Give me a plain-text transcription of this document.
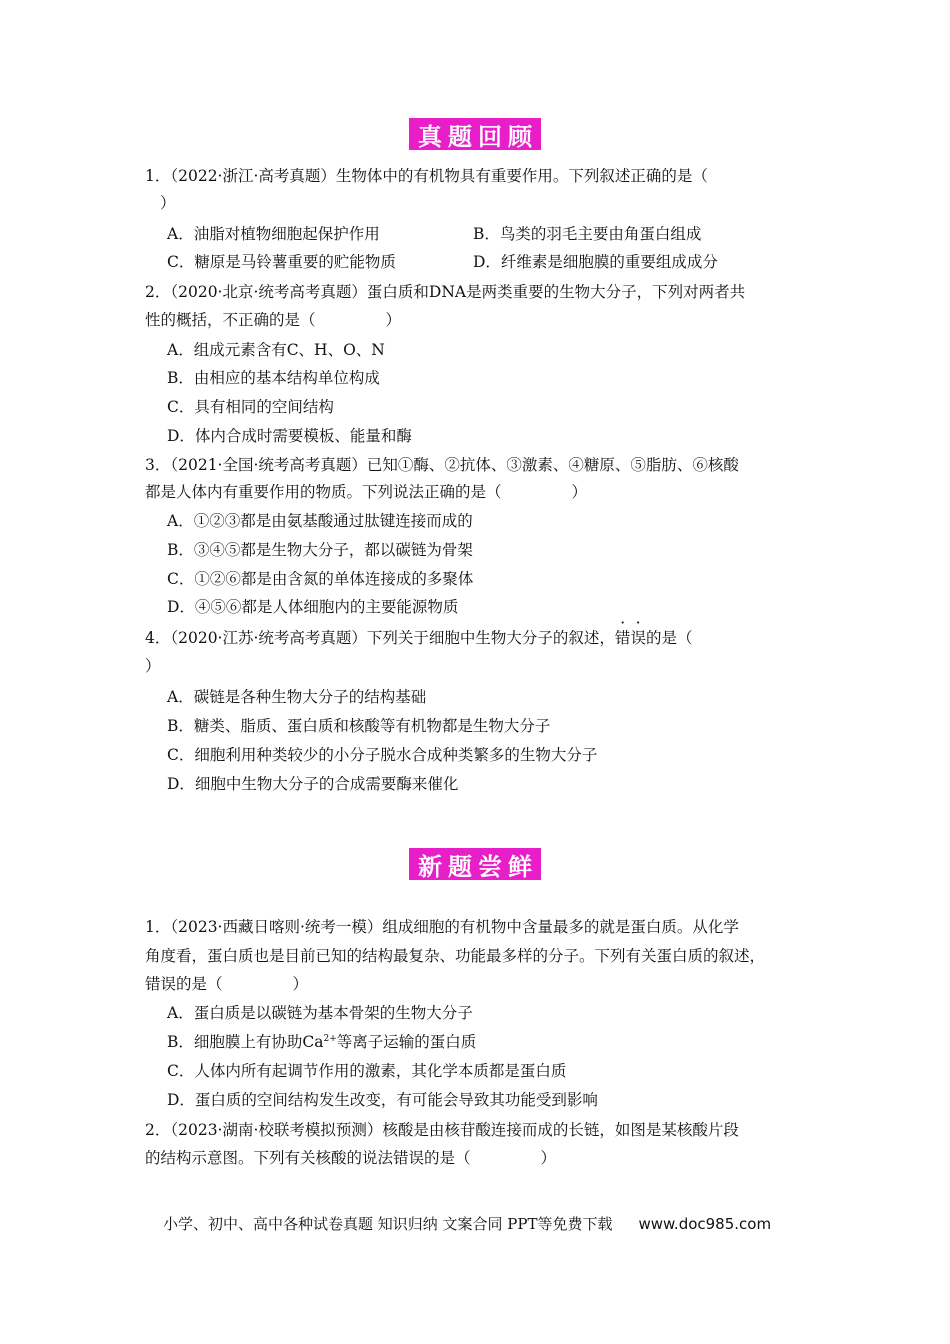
真题回顾
1．（2022·浙江·高考真题）生物体中的有机物具有重要作用。下列叙述正确的是（
）
A．油脂对植物细胞起保护作用	B．鸟类的羽毛主要由角蛋白组成
C．糖原是马铃薯重要的贮能物质	D．纤维素是细胞膜的重要组成成分
2．（2020·北京·统考高考真题）蛋白质和DNA是两类重要的生物大分子，下列对两者共
性的概括，不正确的是（	）
A．组成元素含有C、H、O、N
B．由相应的基本结构单位构成
C．具有相同的空间结构
D．体内合成时需要模板、能量和酶
3．（2021·全国·统考高考真题）已知①酶、②抗体、③激素、④糖原、⑤脂肪、⑥核酸
都是人体内有重要作用的物质。下列说法正确的是（	）
A．①②③都是由氨基酸通过肽键连接而成的
B．③④⑤都是生物大分子，都以碳链为骨架
C．①②⑥都是由含氮的单体连接成的多聚体
D．④⑤⑥都是人体细胞内的主要能源物质
4．（2020·江苏·统考高考真题）下列关于细胞中生物大分子的叙述，错误的是（
）
A．碳链是各种生物大分子的结构基础
B．糖类、脂质、蛋白质和核酸等有机物都是生物大分子
C．细胞利用种类较少的小分子脱水合成种类繁多的生物大分子
D．细胞中生物大分子的合成需要酶来催化
新题尝鲜
1．（2023·西藏日喀则·统考一模）组成细胞的有机物中含量最多的就是蛋白质。从化学
角度看，蛋白质也是目前已知的结构最复杂、功能最多样的分子。下列有关蛋白质的叙述，
错误的是（	）
A．蛋白质是以碳链为基本骨架的生物大分子
B．细胞膜上有协助$Ca^{2+}$等离子运输的蛋白质
C．人体内所有起调节作用的激素，其化学本质都是蛋白质
D．蛋白质的空间结构发生改变，有可能会导致其功能受到影响
2．（2023·湖南·校联考模拟预测）核酸是由核苷酸连接而成的长链，如图是某核酸片段
的结构示意图。下列有关核酸的说法错误的是（	）
小学、初中、高中各种试卷真题 知识归纳 文案合同 PPT等免费下载 www.doc985.com
